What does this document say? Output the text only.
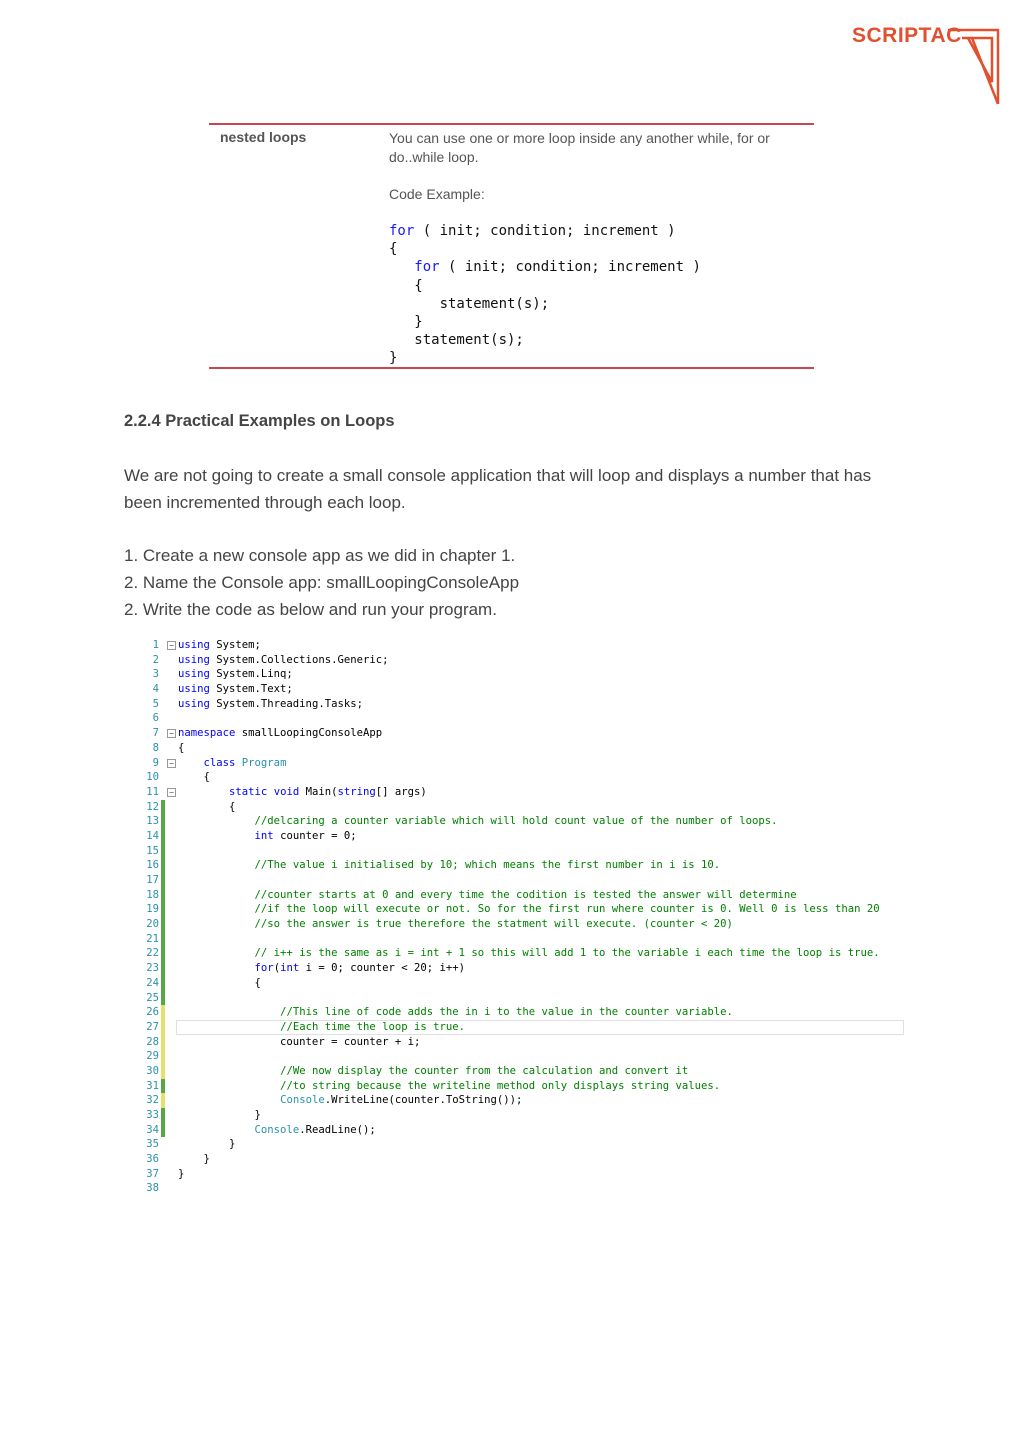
SCRIPTAC
nested loops	You can use one or more loop inside any another while, for or do..while loop.
Code Example:
for ( init; condition; increment )
{
for ( init; condition; increment )
{
statement(s);
}
statement(s);
}
2.2.4 Practical Examples on Loops
We are not going to create a small console application that will loop and displays a number that has been incremented through each loop.
1. Create a new console app as we did in chapter 1.
2. Name the Console app: smallLoopingConsoleApp
2. Write the code as below and run your program.
1 − using System;
2 using System.Collections.Generic;
3 using System.Linq;
4 using System.Text;
5 using System.Threading.Tasks;
6
7 − namespace smallLoopingConsoleApp
8 {
9 −	class Program
10 {
11 −	static void Main(string[] args)
12 {
13	//delcaring a counter variable which will hold count value of the number of loops.
14	int counter = 0;
15
16	//The value i initialised by 10; which means the first number in i is 10.
17
18	//counter starts at 0 and every time the codition is tested the answer will determine
19	//if the loop will execute or not. So for the first run where counter is 0. Well 0 is less than 20
20	//so the answer is true therefore the statment will execute. (counter < 20)
21
22	// i++ is the same as i = int + 1 so this will add 1 to the variable i each time the loop is true.
23	for(int i = 0; counter < 20; i++)
24 {
25
26	//This line of code adds the in i to the value in the counter variable.
27	//Each time the loop is true.
28 counter = counter + i;
29
30	//We now display the counter from the calculation and convert it
31	//to string because the writeline method only displays string values.
32	Console.WriteLine(counter.ToString());
33 }
34	Console.ReadLine();
35 }
36 }
37 }
38
